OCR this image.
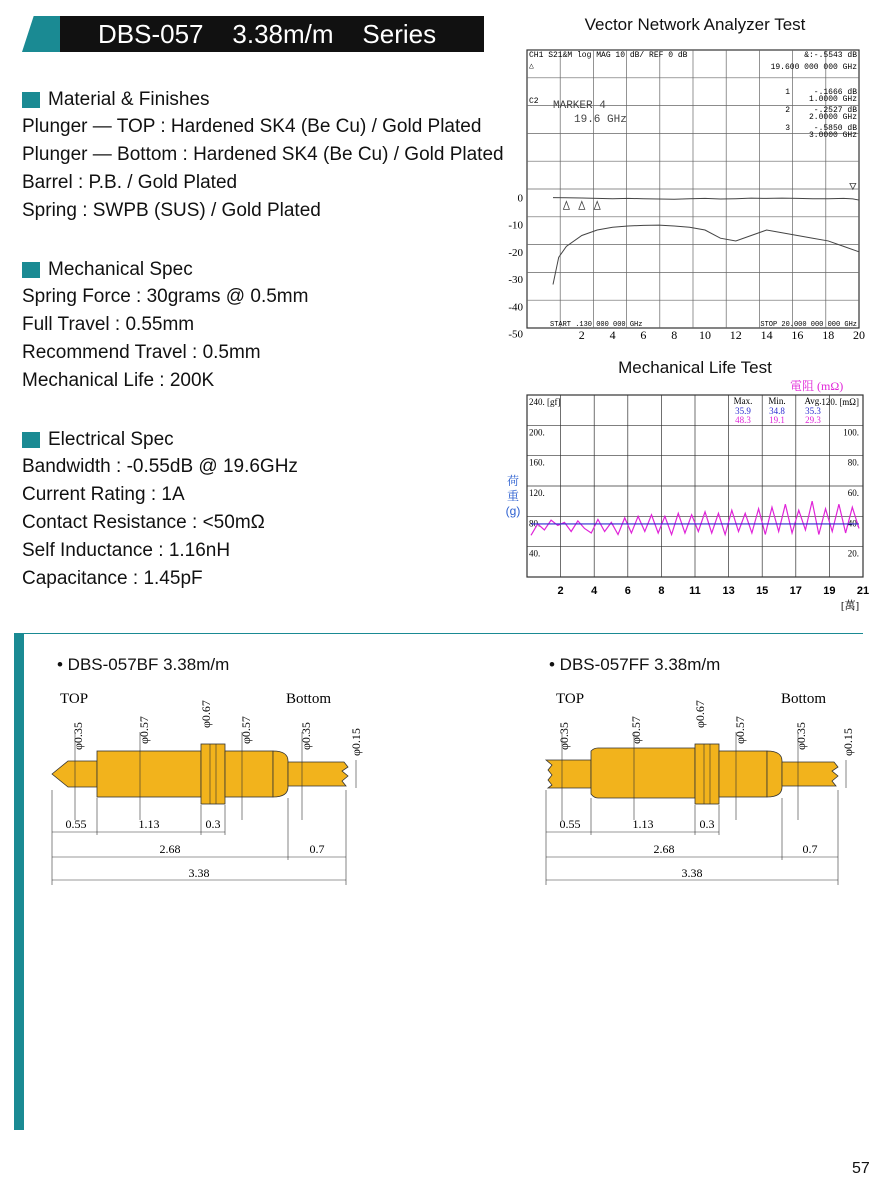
DBS-057    3.38m/m    Series
Material & Finishes
Plunger — TOP : Hardened SK4 (Be Cu) / Gold Plated
Plunger — Bottom : Hardened SK4 (Be Cu) / Gold Plated
Barrel : P.B. / Gold Plated
Spring : SWPB (SUS) / Gold Plated
Mechanical Spec
Spring Force : 30grams @ 0.5mm
Full Travel : 0.55mm
Recommend Travel : 0.5mm
Mechanical Life : 200K
Electrical Spec
Bandwidth : -0.55dB @ 19.6GHz
Current Rating : 1A
Contact Resistance : <50mΩ
Self Inductance : 1.16nH
Capacitance : 1.45pF
Vector Network Analyzer Test
CH1 S21&M log MAG 10 dB/ REF 0 dB	&:-.5543 dB
19.600 000 000 GHz
△
C2 MARKER 4
19.6 GHz
1	-.1666 dB
1.0000 GHz
2	-.2527 dB
2.0000 GHz
3	-.5850 dB
3.0000 GHz
0
-10
-20
-30
-40
-50	2 4 6 8 10 12 14 16 18 20
START .130 000 000 GHz	STOP 20.000 000 000 GHz
Mechanical Life Test
電阻 (mΩ)
荷
重
(g)
240. [gf]
200.
160.
120.
80.
40.
120. [mΩ]
100.
80.
60.
40.
20.
Max. Min. Avg.
35.9 34.8 35.3
48.3 19.1 29.3
2 4 6 8 11 13 15 17 19 21
[萬]
• DBS-057BF 3.38m/m
TOP	Bottom
φ0.35	φ0.57
φ0.67
φ0.57	φ0.35	φ0.15
0.55	1.13	0.3
2.68	0.7
3.38
• DBS-057FF 3.38m/m
TOP	Bottom
φ0.35	φ0.57
φ0.67
φ0.57	φ0.35	φ0.15
0.55	1.13	0.3
2.68	0.7
3.38
57
